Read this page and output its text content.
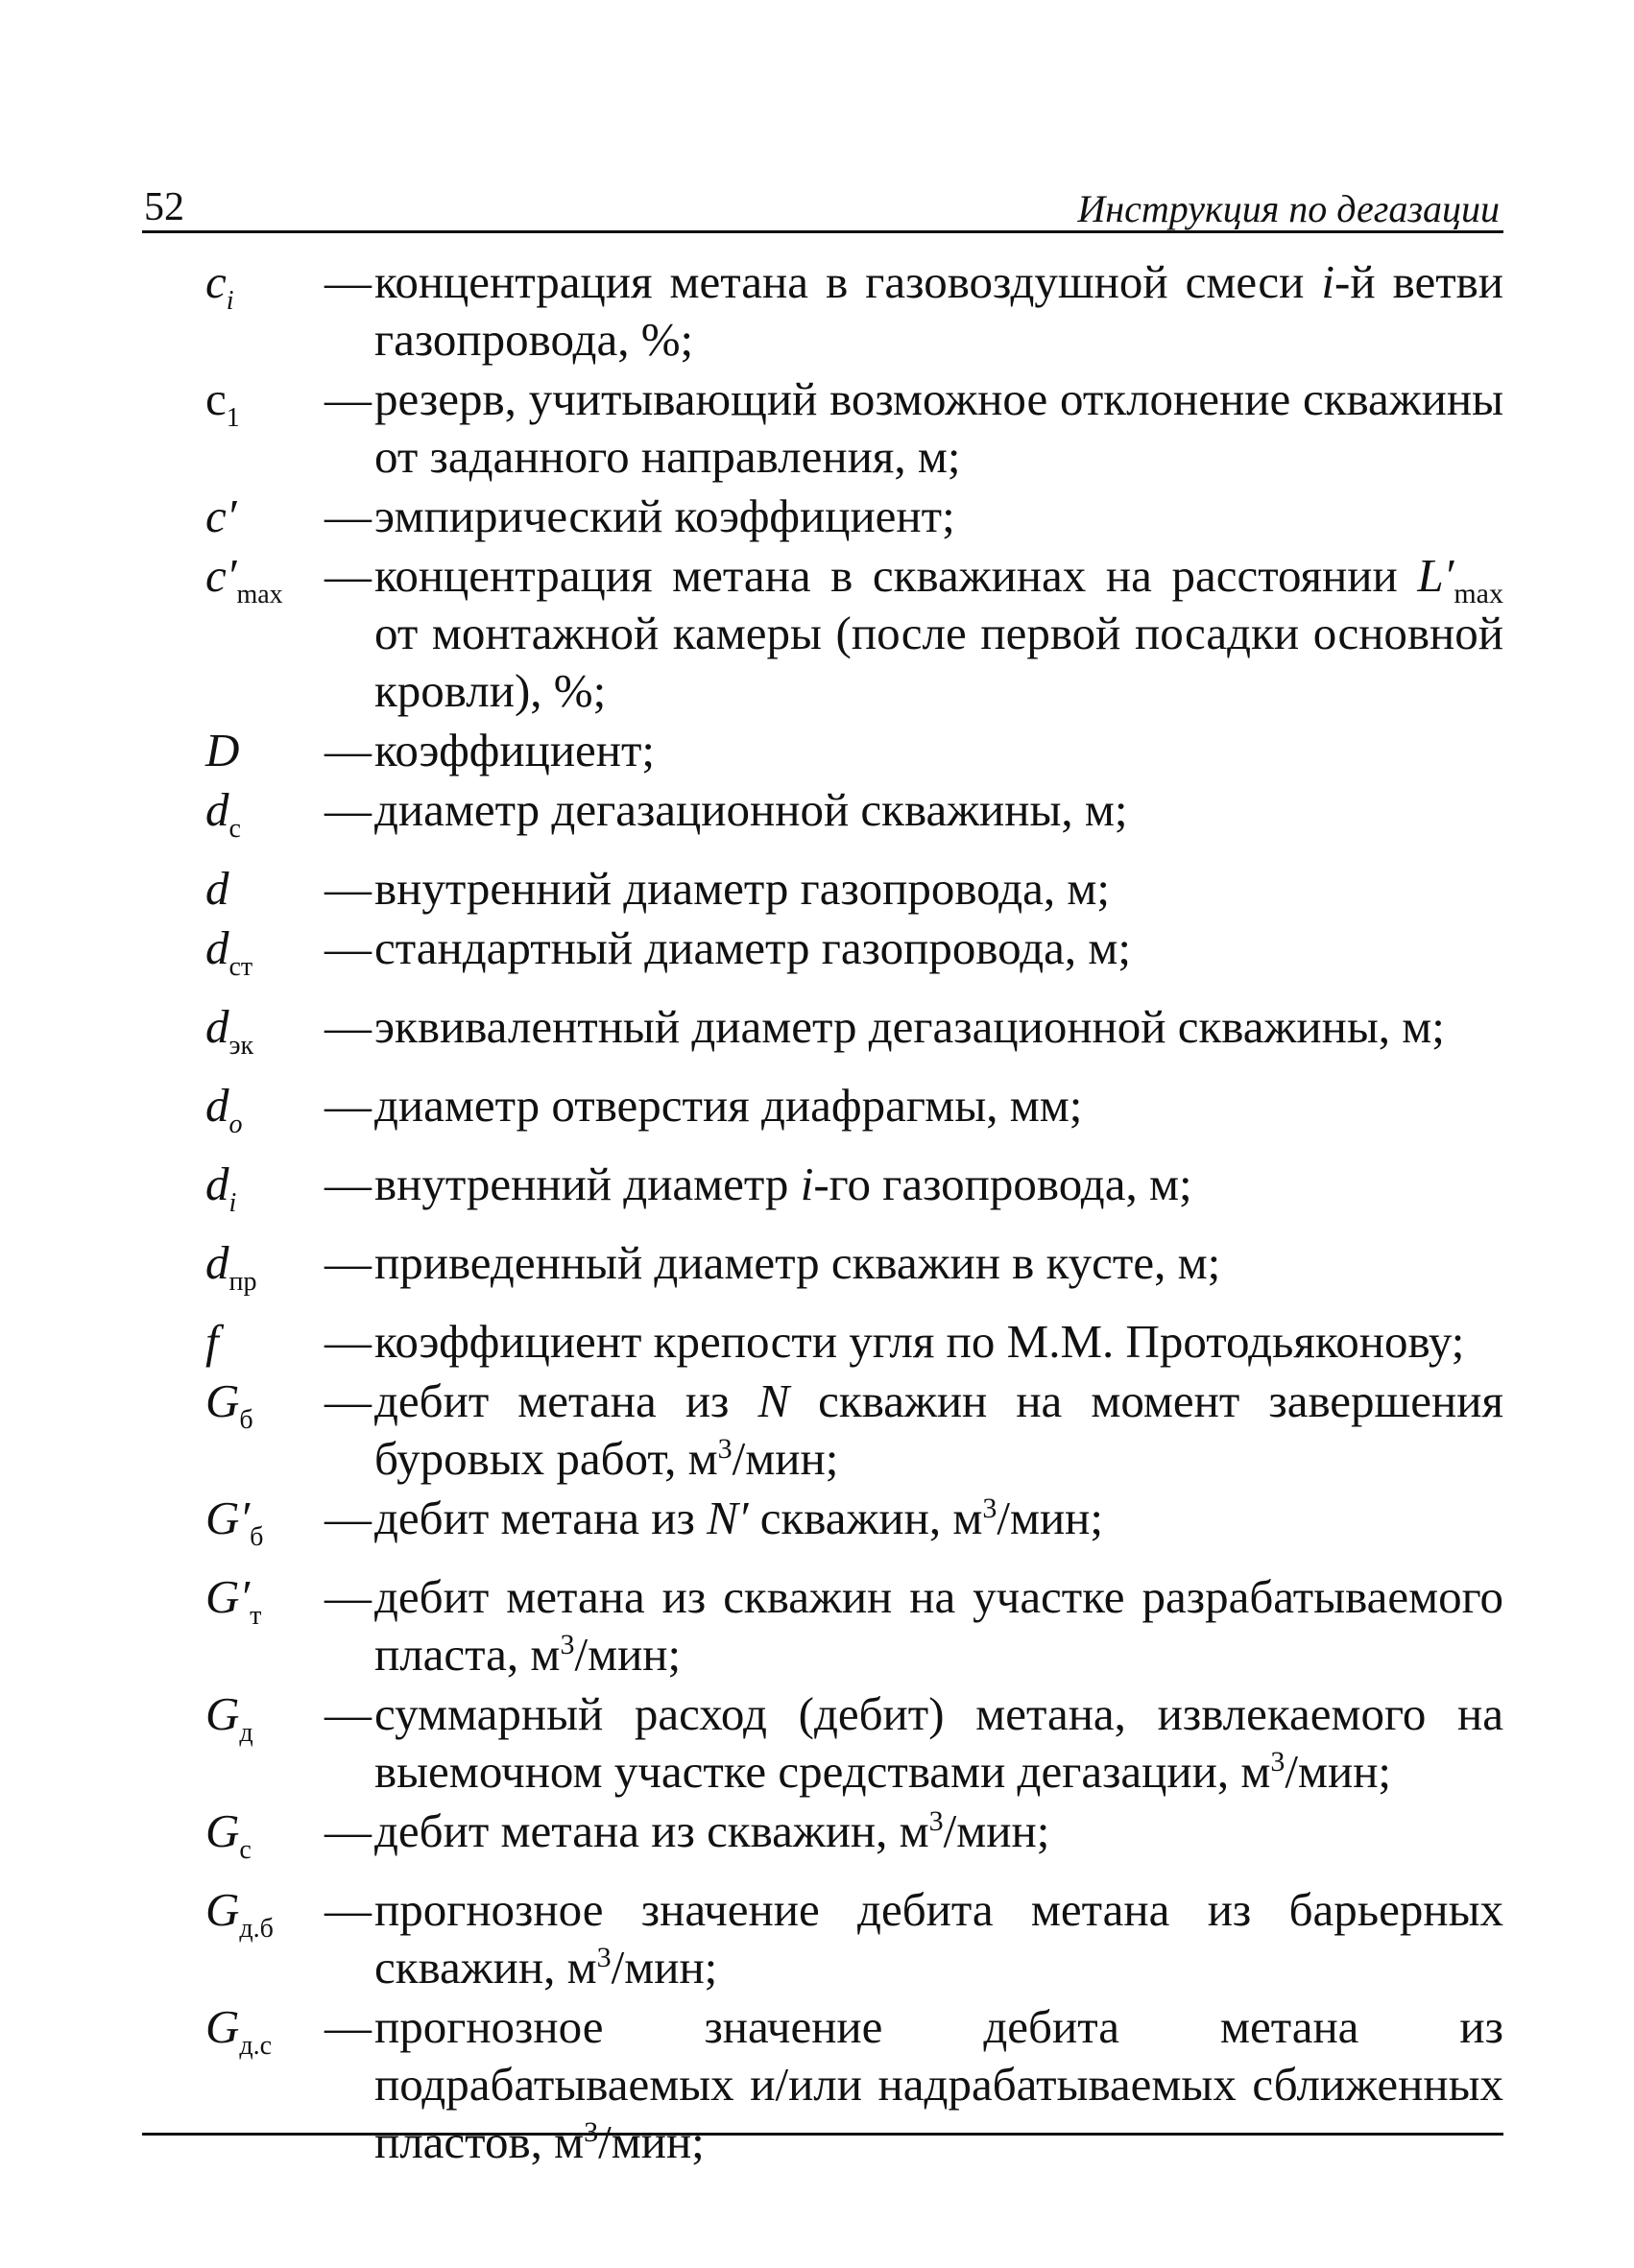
52	Инструкция по дегазации
$c_i$	— концентрация метана в газовоздушной смеси i-й ветви газопровода, %;
$c_1$	— резерв, учитывающий возможное отклонение скважины от заданного направления, м;
c′	— эмпирический коэффициент;
$c'_{max}$ — концентрация метана в скважинах на расстоянии $L'_{max}$ от монтажной камеры (после первой посадки основной кровли), %;
D	— коэффициент;
$d_с$	— диаметр дегазационной скважины, м;
d	— внутренний диаметр газопровода, м;
$d_{ст}$	— стандартный диаметр газопровода, м;
$d_{эк}$	— эквивалентный диаметр дегазационной скважины, м;
$d_o$	— диаметр отверстия диафрагмы, мм;
$d_i$	— внутренний диаметр i-го газопровода, м;
$d_{пр}$	— приведенный диаметр скважин в кусте, м;
f	— коэффициент крепости угля по М.М. Протодьяконову;
$G_б$	— дебит метана из N скважин на момент завершения буровых работ, $м^3$/мин;
$G'_б$	— дебит метана из N′ скважин, $м^3$/мин;
$G'_т$	— дебит метана из скважин на участке разрабатываемого пласта, $м^3$/мин;
$G_д$	— суммарный расход (дебит) метана, извлекаемого на выемочном участке средствами дегазации, $м^3$/мин;
$G_с$	— дебит метана из скважин, $м^3$/мин;
$G_{д.б}$	— прогнозное значение дебита метана из барьерных скважин, $м^3$/мин;
$G_{д.с}$	— прогнозное значение дебита метана из подрабатываемых и/или надрабатываемых сближенных пластов, $м^3$/мин;
